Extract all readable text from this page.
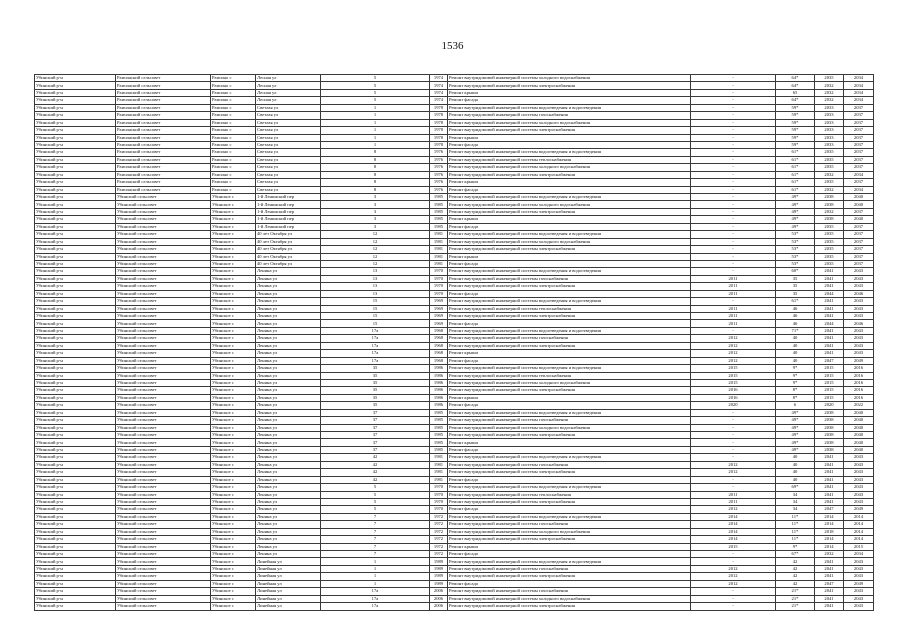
1536
Убинский р-н	Раисинский сельсовет	Раисино с	Лесная ул	5	1974	Ремонт внутридомовой инженерной системы холодного водоснабжения	-	64*	2035	2034
Убинский р-н	Раисинский сельсовет	Раисино с	Лесная ул	5	1974	Ремонт внутридомовой инженерной системы электроснабжения	-	64*	2032	2034
Убинский р-н	Раисинский сельсовет	Раисино с	Лесная ул	5	1974	Ремонт крыши	-	65	2032	2034
Убинский р-н	Раисинский сельсовет	Раисино с	Лесная ул	5	1974	Ремонт фасада	-	64*	2032	2034
Убинский р-н	Раисинский сельсовет	Раисино с	Светлая ул	1	1978	Ремонт внутридомовой инженерной системы водоотведения и водоотведения	-	59*	2033	2037
Убинский р-н	Раисинский сельсовет	Раисино с	Светлая ул	1	1978	Ремонт внутридомовой инженерной системы газоснабжения	-	59*	2033	2037
Убинский р-н	Раисинский сельсовет	Раисино с	Светлая ул	1	1978	Ремонт внутридомовой инженерной системы холодного водоснабжения	-	59*	2033	2037
Убинский р-н	Раисинский сельсовет	Раисино с	Светлая ул	1	1978	Ремонт внутридомовой инженерной системы электроснабжения	-	59*	2033	2037
Убинский р-н	Раисинский сельсовет	Раисино с	Светлая ул	1	1978	Ремонт крыши	-	59*	2033	2037
Убинский р-н	Раисинский сельсовет	Раисино с	Светлая ул	1	1978	Ремонт фасада	-	59*	2033	2037
Убинский р-н	Раисинский сельсовет	Раисино с	Светлая ул	8	1976	Ремонт внутридомовой инженерной системы водоотведения и водоотведения	-	61*	2035	2037
Убинский р-н	Раисинский сельсовет	Раисино с	Светлая ул	8	1976	Ремонт внутридомовой инженерной системы теплоснабжения	-	61*	2035	2037
Убинский р-н	Раисинский сельсовет	Раисино с	Светлая ул	8	1976	Ремонт внутридомовой инженерной системы холодного водоснабжения	-	61*	2035	2037
Убинский р-н	Раисинский сельсовет	Раисино с	Светлая ул	8	1976	Ремонт внутридомовой инженерной системы электроснабжения	-	61*	2032	2034
Убинский р-н	Раисинский сельсовет	Раисино с	Светлая ул	8	1976	Ремонт крыши	-	61*	2035	2037
Убинский р-н	Раисинский сельсовет	Раисино с	Светлая ул	8	1976	Ремонт фасада	-	61*	2032	2034
Убинский р-н	Убинский сельсовет	Убинское с	1-й Ленинский пер	3	1985	Ремонт внутридомовой инженерной системы водоотведения и водоотведения	-	49*	2038	2040
Убинский р-н	Убинский сельсовет	Убинское с	1-й Ленинский пер	3	1985	Ремонт внутридомовой инженерной системы холодного водоснабжения	-	49*	2038	2040
Убинский р-н	Убинский сельсовет	Убинское с	1-й Ленинский пер	3	1985	Ремонт внутридомовой инженерной системы электроснабжения	-	49*	2032	2037
Убинский р-н	Убинский сельсовет	Убинское с	1-й Ленинский пер	3	1985	Ремонт крыши	-	49*	2038	2040
Убинский р-н	Убинский сельсовет	Убинское с	1-й Ленинский пер	3	1985	Ремонт фасада	-	49*	2035	2037
Убинский р-н	Убинский сельсовет	Убинское с	40 лет Октября ул	12	1981	Ремонт внутридомовой инженерной системы водоотведения и водоотведения	-	53*	2035	2037
Убинский р-н	Убинский сельсовет	Убинское с	40 лет Октября ул	12	1981	Ремонт внутридомовой инженерной системы холодного водоснабжения	-	53*	2035	2037
Убинский р-н	Убинский сельсовет	Убинское с	40 лет Октября ул	12	1981	Ремонт внутридомовой инженерной системы электроснабжения	-	53*	2035	2037
Убинский р-н	Убинский сельсовет	Убинское с	40 лет Октября ул	12	1981	Ремонт крыши	-	53*	2035	2037
Убинский р-н	Убинский сельсовет	Убинское с	40 лет Октября ул	12	1981	Ремонт фасада	-	53*	2035	2037
Убинский р-н	Убинский сельсовет	Убинское с	Ленина ул	13	1970	Ремонт внутридомовой инженерной системы водоотведения и водоотведения	-	60*	2041	2043
Убинский р-н	Убинский сельсовет	Убинское с	Ленина ул	13	1970	Ремонт внутридомовой инженерной системы газоснабжения	2011	35	2041	2043
Убинский р-н	Убинский сельсовет	Убинское с	Ленина ул	13	1970	Ремонт внутридомовой инженерной системы электроснабжения	2011	35	2041	2043
Убинский р-н	Убинский сельсовет	Убинское с	Ленина ул	13	1970	Ремонт фасада	2011	35	2044	2046
Убинский р-н	Убинский сельсовет	Убинское с	Ленина ул	15	1969	Ремонт внутридомовой инженерной системы водоотведения и водоотведения	-	61*	2041	2043
Убинский р-н	Убинский сельсовет	Убинское с	Ленина ул	15	1969	Ремонт внутридомовой инженерной системы теплоснабжения	2011	46	2041	2043
Убинский р-н	Убинский сельсовет	Убинское с	Ленина ул	15	1969	Ремонт внутридомовой инженерной системы электроснабжения	2011	46	2041	2043
Убинский р-н	Убинский сельсовет	Убинское с	Ленина ул	15	1969	Ремонт фасада	2011	46	2044	2046
Убинский р-н	Убинский сельсовет	Убинское с	Ленина ул	17а	1968	Ремонт внутридомовой инженерной системы водоотведения и водоотведения	-	71*	2041	2043
Убинский р-н	Убинский сельсовет	Убинское с	Ленина ул	17а	1968	Ремонт внутридомовой инженерной системы газоснабжения	2012	40	2041	2043
Убинский р-н	Убинский сельсовет	Убинское с	Ленина ул	17а	1968	Ремонт внутридомовой инженерной системы электроснабжения	2012	40	2041	2043
Убинский р-н	Убинский сельсовет	Убинское с	Ленина ул	17а	1968	Ремонт крыши	2012	40	2041	2043
Убинский р-н	Убинский сельсовет	Убинское с	Ленина ул	17а	1968	Ремонт фасада	2012	40	2047	2049
Убинский р-н	Убинский сельсовет	Убинское с	Ленина ул	35	1986	Ремонт внутридомовой инженерной системы водоотведения и водоотведения	2015	9*	2015	2016
Убинский р-н	Убинский сельсовет	Убинское с	Ленина ул	35	1986	Ремонт внутридомовой инженерной системы теплоснабжения	2015	9*	2015	2016
Убинский р-н	Убинский сельсовет	Убинское с	Ленина ул	35	1986	Ремонт внутридомовой инженерной системы холодного водоснабжения	2015	9*	2015	2016
Убинский р-н	Убинский сельсовет	Убинское с	Ленина ул	35	1986	Ремонт внутридомовой инженерной системы электроснабжения	2016	8*	2015	2016
Убинский р-н	Убинский сельсовет	Убинское с	Ленина ул	35	1986	Ремонт крыши	2016	8*	2015	2016
Убинский р-н	Убинский сельсовет	Убинское с	Ленина ул	35	1986	Ремонт фасада	2020	6	2020	2022
Убинский р-н	Убинский сельсовет	Убинское с	Ленина ул	37	1985	Ремонт внутридомовой инженерной системы водоотведения и водоотведения	-	49*	2038	2040
Убинский р-н	Убинский сельсовет	Убинское с	Ленина ул	37	1985	Ремонт внутридомовой инженерной системы газоснабжения	-	49*	2038	2040
Убинский р-н	Убинский сельсовет	Убинское с	Ленина ул	37	1985	Ремонт внутридомовой инженерной системы холодного водоснабжения	-	49*	2038	2040
Убинский р-н	Убинский сельсовет	Убинское с	Ленина ул	37	1985	Ремонт внутридомовой инженерной системы электроснабжения	-	49*	2038	2040
Убинский р-н	Убинский сельсовет	Убинское с	Ленина ул	37	1985	Ремонт крыши	-	49*	2038	2040
Убинский р-н	Убинский сельсовет	Убинское с	Ленина ул	37	1985	Ремонт фасада	-	49*	2038	2040
Убинский р-н	Убинский сельсовет	Убинское с	Ленина ул	42	1981	Ремонт внутридомовой инженерной системы водоотведения и водоотведения	-	40	2041	2043
Убинский р-н	Убинский сельсовет	Убинское с	Ленина ул	42	1981	Ремонт внутридомовой инженерной системы газоснабжения	2012	40	2041	2043
Убинский р-н	Убинский сельсовет	Убинское с	Ленина ул	42	1981	Ремонт внутридомовой инженерной системы электроснабжения	2012	40	2041	2043
Убинский р-н	Убинский сельсовет	Убинское с	Ленина ул	42	1981	Ремонт фасада	-	40	2041	2043
Убинский р-н	Убинский сельсовет	Убинское с	Ленина ул	5	1970	Ремонт внутридомовой инженерной системы водоотведения и водоотведения	-	69*	2041	2043
Убинский р-н	Убинский сельсовет	Убинское с	Ленина ул	5	1970	Ремонт внутридомовой инженерной системы теплоснабжения	2011	34	2041	2043
Убинский р-н	Убинский сельсовет	Убинское с	Ленина ул	5	1970	Ремонт внутридомовой инженерной системы электроснабжения	2011	34	2041	2043
Убинский р-н	Убинский сельсовет	Убинское с	Ленина ул	5	1970	Ремонт фасада	2012	34	2047	2049
Убинский р-н	Убинский сельсовет	Убинское с	Ленина ул	7	1972	Ремонт внутридомовой инженерной системы водоотведения и водоотведения	2014	11*	2014	2014
Убинский р-н	Убинский сельсовет	Убинское с	Ленина ул	7	1972	Ремонт внутридомовой инженерной системы газоснабжения	2014	11*	2014	2014
Убинский р-н	Убинский сельсовет	Убинское с	Ленина ул	7	1972	Ремонт внутридомовой инженерной системы холодного водоснабжения	2014	11*	2018	2014
Убинский р-н	Убинский сельсовет	Убинское с	Ленина ул	7	1972	Ремонт внутридомовой инженерной системы электроснабжения	2014	11*	2014	2014
Убинский р-н	Убинский сельсовет	Убинское с	Ленина ул	7	1972	Ремонт крыши	2015	9*	2014	2015
Убинский р-н	Убинский сельсовет	Убинское с	Ленина ул	7	1972	Ремонт фасада	-	67*	2032	2034
Убинский р-н	Убинский сельсовет	Убинское с	Линейная ул	1	1989	Ремонт внутридомовой инженерной системы водоотведения и водоотведения	-	42	2041	2043
Убинский р-н	Убинский сельсовет	Убинское с	Линейная ул	1	1989	Ремонт внутридомовой инженерной системы газоснабжения	2012	42	2041	2043
Убинский р-н	Убинский сельсовет	Убинское с	Линейная ул	1	1989	Ремонт внутридомовой инженерной системы электроснабжения	2012	42	2041	2043
Убинский р-н	Убинский сельсовет	Убинское с	Линейная ул	1	1989	Ремонт фасада	2012	42	2047	2049
Убинский р-н	Убинский сельсовет	Убинское с	Линейная ул	17а	2006	Ремонт внутридомовой инженерной системы газоснабжения	-	21*	2041	2043
Убинский р-н	Убинский сельсовет	Убинское с	Линейная ул	17а	2006	Ремонт внутридомовой инженерной системы холодного водоснабжения	-	21*	2041	2043
Убинский р-н	Убинский сельсовет	Убинское с	Линейная ул	17а	2006	Ремонт внутридомовой инженерной системы электроснабжения	-	21*	2041	2043
